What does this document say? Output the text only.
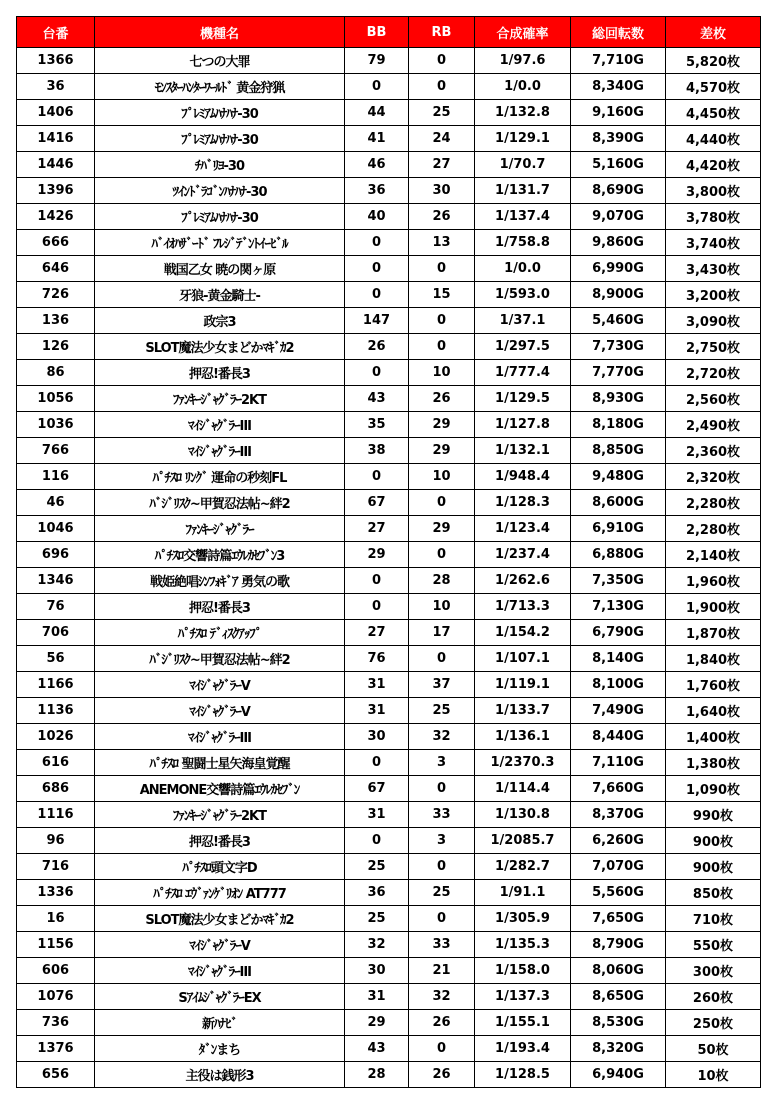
台番	機種名	BB	RB	合成確率	総回転数	差枚
1366	七つの大罪	79	0	1/97.6	7,710G	5,820枚
36	ﾓﾝｽﾀｰﾊﾝﾀｰﾜｰﾙﾄﾞ 黄金狩猟	0	0	1/0.0	8,340G	4,570枚
1406	ﾌﾟﾚﾐｱﾑﾊﾅﾊﾅ-30	44	25	1/132.8	9,160G	4,450枚
1416	ﾌﾟﾚﾐｱﾑﾊﾅﾊﾅ-30	41	24	1/129.1	8,390G	4,440枚
1446	ﾁﾊﾞﾘﾖ-30	46	27	1/70.7	5,160G	4,420枚
1396	ﾂｲﾝﾄﾞﾗｺﾞﾝﾊﾅﾊﾅ-30	36	30	1/131.7	8,690G	3,800枚
1426	ﾌﾟﾚﾐｱﾑﾊﾅﾊﾅ-30	40	26	1/137.4	9,070G	3,780枚
666	ﾊﾞｲｵﾊｻﾞｰﾄﾞ ﾌﾚｼﾞﾃﾞﾝﾄｲｰﾋﾞﾙ	0	13	1/758.8	9,860G	3,740枚
646	戦国乙女 暁の関ヶ原	0	0	1/0.0	6,990G	3,430枚
726	牙狼-黄金騎士-	0	15	1/593.0	8,900G	3,200枚
136	政宗3	147	0	1/37.1	5,460G	3,090枚
126	SLOT魔法少女まどかﾏｷﾞｶ2	26	0	1/297.5	7,730G	2,750枚
86	押忍!番長3	0	10	1/777.4	7,770G	2,720枚
1056	ﾌｧﾝｷｰｼﾞｬｸﾞﾗｰ2KT	43	26	1/129.5	8,930G	2,560枚
1036	ﾏｲｼﾞｬｸﾞﾗｰIII	35	29	1/127.8	8,180G	2,490枚
766	ﾏｲｼﾞｬｸﾞﾗｰIII	38	29	1/132.1	8,850G	2,360枚
116	ﾊﾟﾁｽﾛ ﾘﾝｸﾞ 運命の秒刻FL	0	10	1/948.4	9,480G	2,320枚
46	ﾊﾞｼﾞﾘｽｸ~甲賀忍法帖~絆2	67	0	1/128.3	8,600G	2,280枚
1046	ﾌｧﾝｷｰｼﾞｬｸﾞﾗｰ	27	29	1/123.4	6,910G	2,280枚
696	ﾊﾟﾁｽﾛ交響詩篇ｴｳﾚｶｾﾌﾞﾝ3	29	0	1/237.4	6,880G	2,140枚
1346	戦姫絶唱ｼﾝﾌｫｷﾞｱ 勇気の歌	0	28	1/262.6	7,350G	1,960枚
76	押忍!番長3	0	10	1/713.3	7,130G	1,900枚
706	ﾊﾟﾁｽﾛ ﾃﾞｨｽｸｱｯﾌﾟ	27	17	1/154.2	6,790G	1,870枚
56	ﾊﾞｼﾞﾘｽｸ~甲賀忍法帖~絆2	76	0	1/107.1	8,140G	1,840枚
1166	ﾏｲｼﾞｬｸﾞﾗｰV	31	37	1/119.1	8,100G	1,760枚
1136	ﾏｲｼﾞｬｸﾞﾗｰV	31	25	1/133.7	7,490G	1,640枚
1026	ﾏｲｼﾞｬｸﾞﾗｰIII	30	32	1/136.1	8,440G	1,400枚
616	ﾊﾟﾁｽﾛ 聖闘士星矢海皇覚醒	0	3	1/2370.3	7,110G	1,380枚
686	ANEMONE交響詩篇ｴｳﾚｶｾﾌﾞﾝ	67	0	1/114.4	7,660G	1,090枚
1116	ﾌｧﾝｷｰｼﾞｬｸﾞﾗｰ2KT	31	33	1/130.8	8,370G	990枚
96	押忍!番長3	0	3	1/2085.7	6,260G	900枚
716	ﾊﾟﾁｽﾛ頭文字D	25	0	1/282.7	7,070G	900枚
1336	ﾊﾟﾁｽﾛ ｴｳﾞｧﾝｹﾞﾘｵﾝ AT777	36	25	1/91.1	5,560G	850枚
16	SLOT魔法少女まどかﾏｷﾞｶ2	25	0	1/305.9	7,650G	710枚
1156	ﾏｲｼﾞｬｸﾞﾗｰV	32	33	1/135.3	8,790G	550枚
606	ﾏｲｼﾞｬｸﾞﾗｰIII	30	21	1/158.0	8,060G	300枚
1076	SｱｲﾑｼﾞｬｸﾞﾗｰEX	31	32	1/137.3	8,650G	260枚
736	新ﾊﾅﾋﾞ	29	26	1/155.1	8,530G	250枚
1376	ﾀﾞﾝまち	43	0	1/193.4	8,320G	50枚
656	主役は銭形3	28	26	1/128.5	6,940G	10枚
